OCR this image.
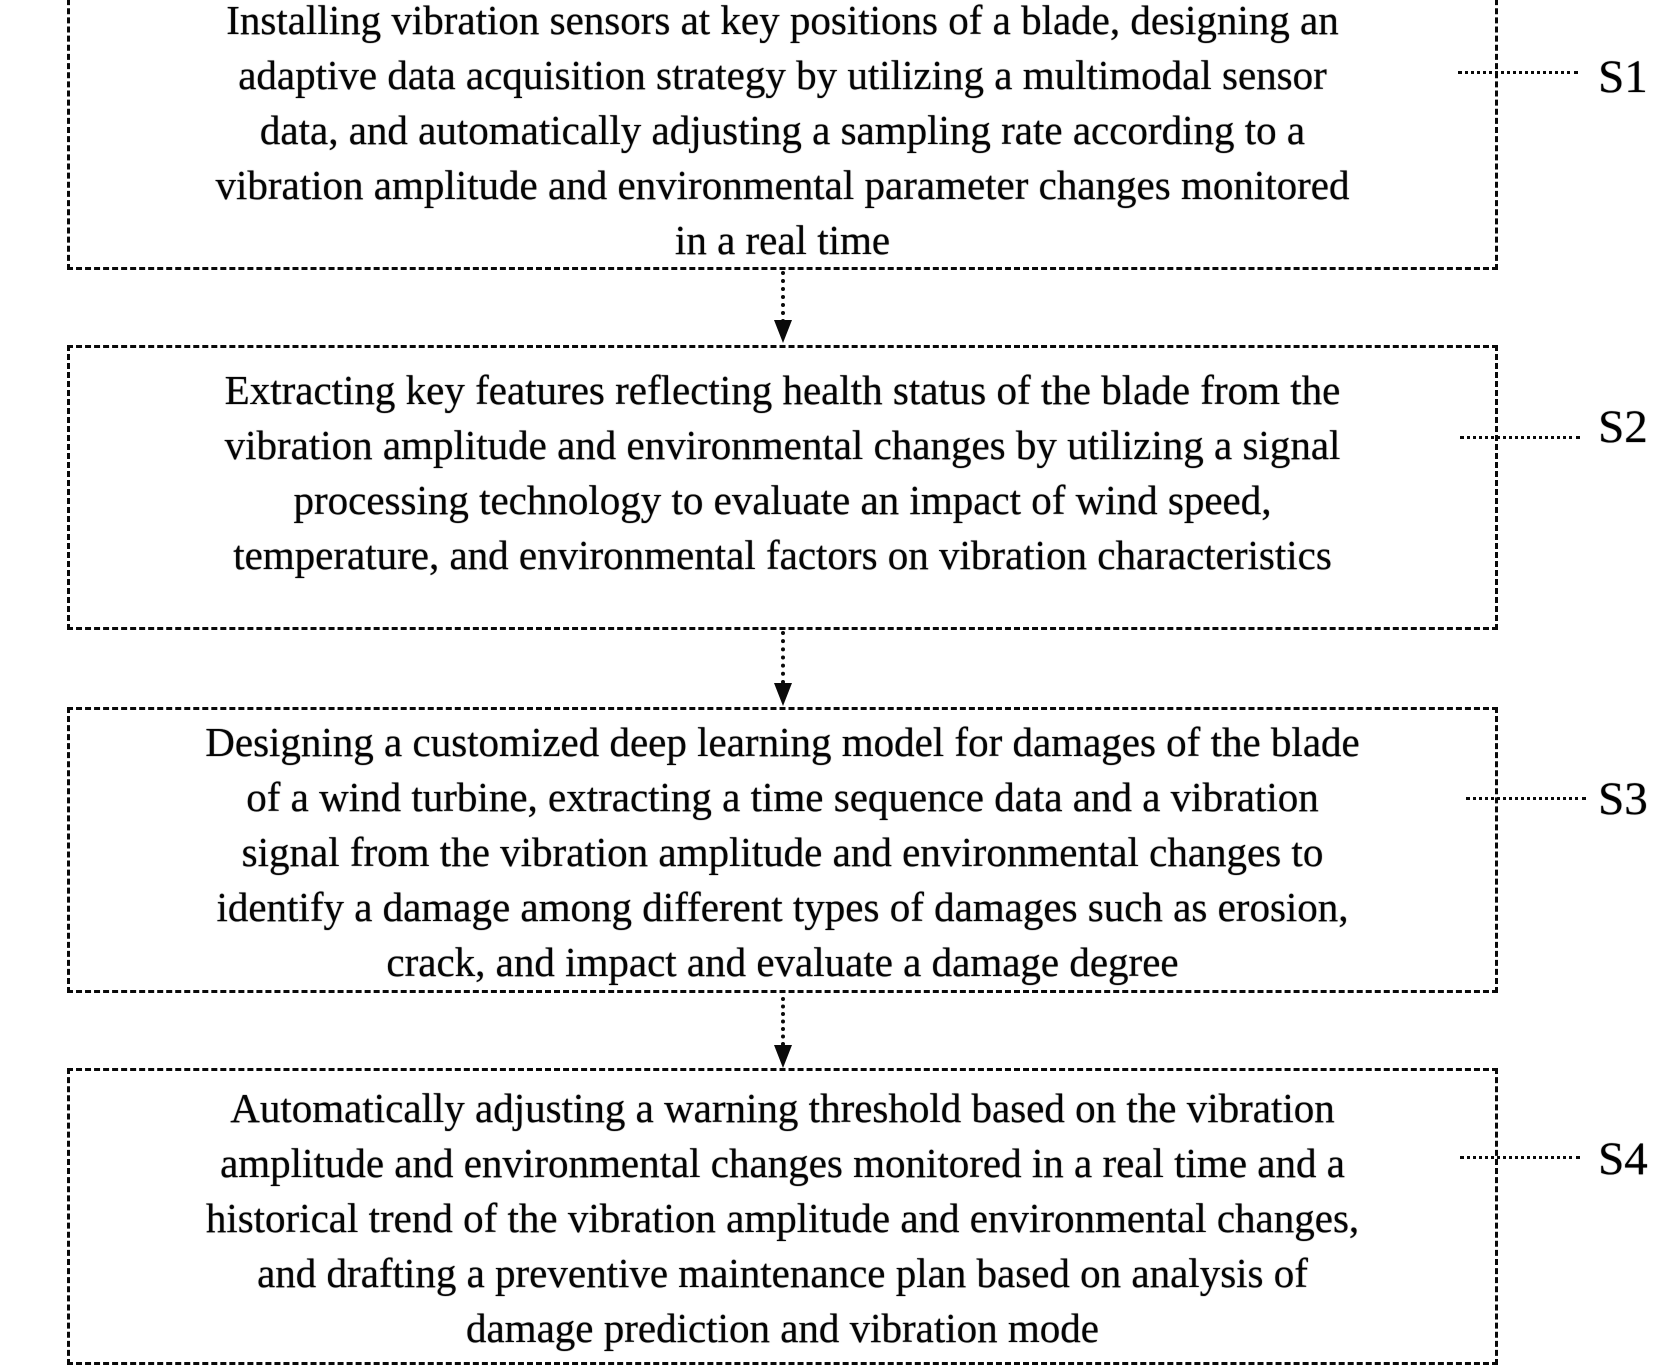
Installing vibration sensors at key positions of a blade, designing an
adaptive data acquisition strategy by utilizing a multimodal sensor
data, and automatically adjusting a sampling rate according to a
vibration amplitude and environmental parameter changes monitored
in a real time
Extracting key features reflecting health status of the blade from the
vibration amplitude and environmental changes by utilizing a signal
processing technology to evaluate an impact of wind speed,
temperature, and environmental factors on vibration characteristics
Designing a customized deep learning model for damages of the blade
of a wind turbine, extracting a time sequence data and a vibration
signal from the vibration amplitude and environmental changes to
identify a damage among different types of damages such as erosion,
crack, and impact and evaluate a damage degree
Automatically adjusting a warning threshold based on the vibration
amplitude and environmental changes monitored in a real time and a
historical trend of the vibration amplitude and environmental changes,
and drafting a preventive maintenance plan based on analysis of
damage prediction and vibration mode
S1
S2
S3
S4
